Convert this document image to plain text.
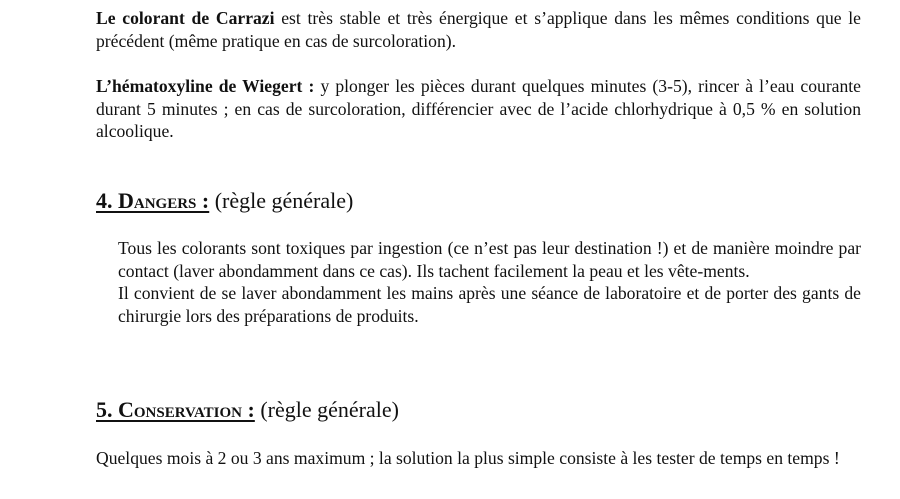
Le colorant de Carrazi est très stable et très énergique et s’applique dans les mêmes conditions que le précédent (même pratique en cas de surcoloration).

L’hématoxyline de Wiegert : y plonger les pièces durant quelques minutes (3-5), rincer à l’eau courante durant 5 minutes ; en cas de surcoloration, différencier avec de l’acide chlorhydrique à 0,5 % en solution alcoolique.

4. Dangers : (règle générale)

Tous les colorants sont toxiques par ingestion (ce n’est pas leur destination !) et de manière moindre par contact (laver abondamment dans ce cas). Ils tachent facilement la peau et les vête-ments.

Il convient de se laver abondamment les mains après une séance de laboratoire et de porter des gants de chirurgie lors des préparations de produits.

5. Conservation : (règle générale)

Quelques mois à 2 ou 3 ans maximum ; la solution la plus simple consiste à les tester de temps en temps !
